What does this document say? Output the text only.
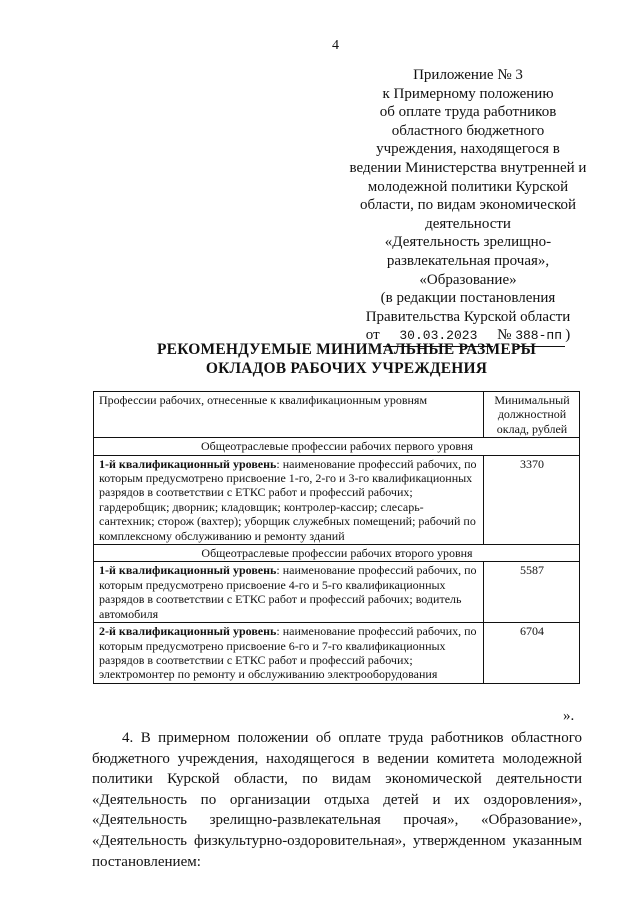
4
Приложение № 3
к Примерному положению
об оплате труда работников
областного бюджетного
учреждения, находящегося в
ведении Министерства внутренней и
молодежной политики Курской
области, по видам экономической
деятельности
«Деятельность зрелищно-
развлекательная прочая»,
«Образование»
(в редакции постановления
Правительства Курской области
от 30.03.2023 № 388-пп )
РЕКОМЕНДУЕМЫЕ МИНИМАЛЬНЫЕ РАЗМЕРЫ
ОКЛАДОВ РАБОЧИХ УЧРЕЖДЕНИЯ
Профессии рабочих, отнесенные к квалификационным уровням	Минимальный должностной оклад, рублей
Общеотраслевые профессии рабочих первого уровня	
1-й квалификационный уровень: наименование профессий рабочих, по которым предусмотрено присвоение 1-го, 2-го и 3-го квалификационных разрядов в соответствии с ЕТКС работ и профессий рабочих; гардеробщик; дворник; кладовщик; контролер-кассир; слесарь-сантехник; сторож (вахтер); уборщик служебных помещений; рабочий по комплексному обслуживанию и ремонту зданий	3370
Общеотраслевые профессии рабочих второго уровня	
1-й квалификационный уровень: наименование профессий рабочих, по которым предусмотрено присвоение 4-го и 5-го квалификационных разрядов в соответствии с ЕТКС работ и профессий рабочих; водитель автомобиля	5587
2-й квалификационный уровень: наименование профессий рабочих, по которым предусмотрено присвоение 6-го и 7-го квалификационных разрядов в соответствии с ЕТКС работ и профессий рабочих; электромонтер по ремонту и обслуживанию электрооборудования	6704
».
4. В примерном положении об оплате труда работников областного бюджетного учреждения, находящегося в ведении комитета молодежной политики Курской области, по видам экономической деятельности «Деятельность по организации отдыха детей и их оздоровления», «Деятельность зрелищно-развлекательная прочая», «Образование», «Деятельность физкультурно-оздоровительная», утвержденном указанным постановлением:
